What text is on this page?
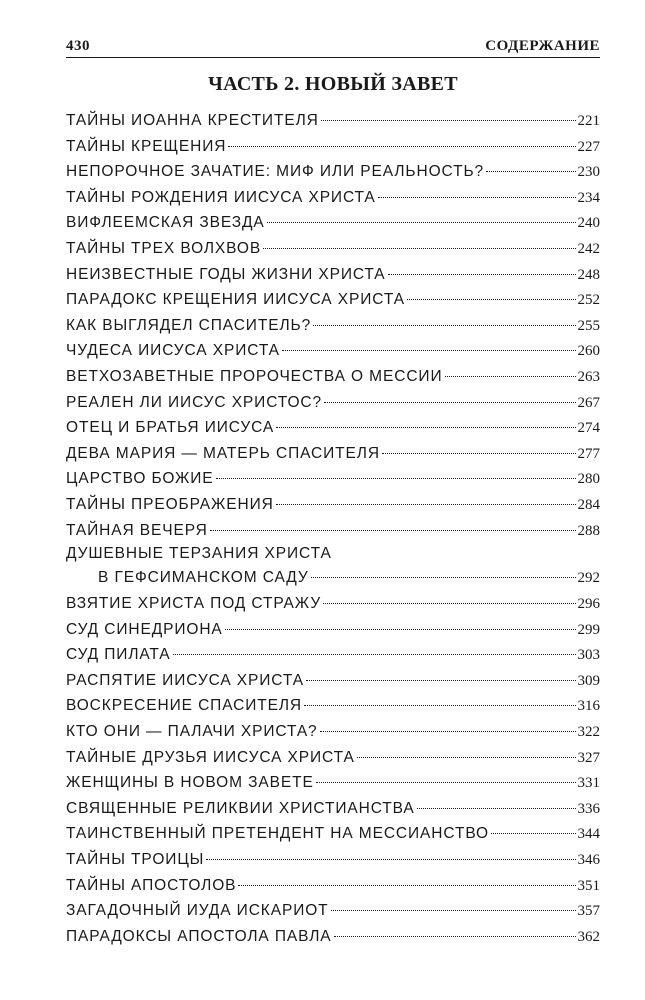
430	СОДЕРЖАНИЕ
ЧАСТЬ 2. НОВЫЙ ЗАВЕТ
ТАЙНЫ ИОАННА КРЕСТИТЕЛЯ	221
ТАЙНЫ КРЕЩЕНИЯ	227
НЕПОРОЧНОЕ ЗАЧАТИЕ: МИФ ИЛИ РЕАЛЬНОСТЬ?	230
ТАЙНЫ РОЖДЕНИЯ ИИСУСА ХРИСТА	234
ВИФЛЕЕМСКАЯ ЗВЕЗДА	240
ТАЙНЫ ТРЕХ ВОЛХВОВ	242
НЕИЗВЕСТНЫЕ ГОДЫ ЖИЗНИ ХРИСТА	248
ПАРАДОКС КРЕЩЕНИЯ ИИСУСА ХРИСТА	252
КАК ВЫГЛЯДЕЛ СПАСИТЕЛЬ?	255
ЧУДЕСА ИИСУСА ХРИСТА	260
ВЕТХОЗАВЕТНЫЕ ПРОРОЧЕСТВА О МЕССИИ	263
РЕАЛЕН ЛИ ИИСУС ХРИСТОС?	267
ОТЕЦ И БРАТЬЯ ИИСУСА	274
ДЕВА МАРИЯ — МАТЕРЬ СПАСИТЕЛЯ	277
ЦАРСТВО БОЖИЕ	280
ТАЙНЫ ПРЕОБРАЖЕНИЯ	284
ТАЙНАЯ ВЕЧЕРЯ	288
ДУШЕВНЫЕ ТЕРЗАНИЯ ХРИСТА
В ГЕФСИМАНСКОМ САДУ	292
ВЗЯТИЕ ХРИСТА ПОД СТРАЖУ	296
СУД СИНЕДРИОНА	299
СУД ПИЛАТА	303
РАСПЯТИЕ ИИСУСА ХРИСТА	309
ВОСКРЕСЕНИЕ СПАСИТЕЛЯ	316
КТО ОНИ — ПАЛАЧИ ХРИСТА?	322
ТАЙНЫЕ ДРУЗЬЯ ИИСУСА ХРИСТА	327
ЖЕНЩИНЫ В НОВОМ ЗАВЕТЕ	331
СВЯЩЕННЫЕ РЕЛИКВИИ ХРИСТИАНСТВА	336
ТАИНСТВЕННЫЙ ПРЕТЕНДЕНТ НА МЕССИАНСТВО	344
ТАЙНЫ ТРОИЦЫ	346
ТАЙНЫ АПОСТОЛОВ	351
ЗАГАДОЧНЫЙ ИУДА ИСКАРИОТ	357
ПАРАДОКСЫ АПОСТОЛА ПАВЛА	362
